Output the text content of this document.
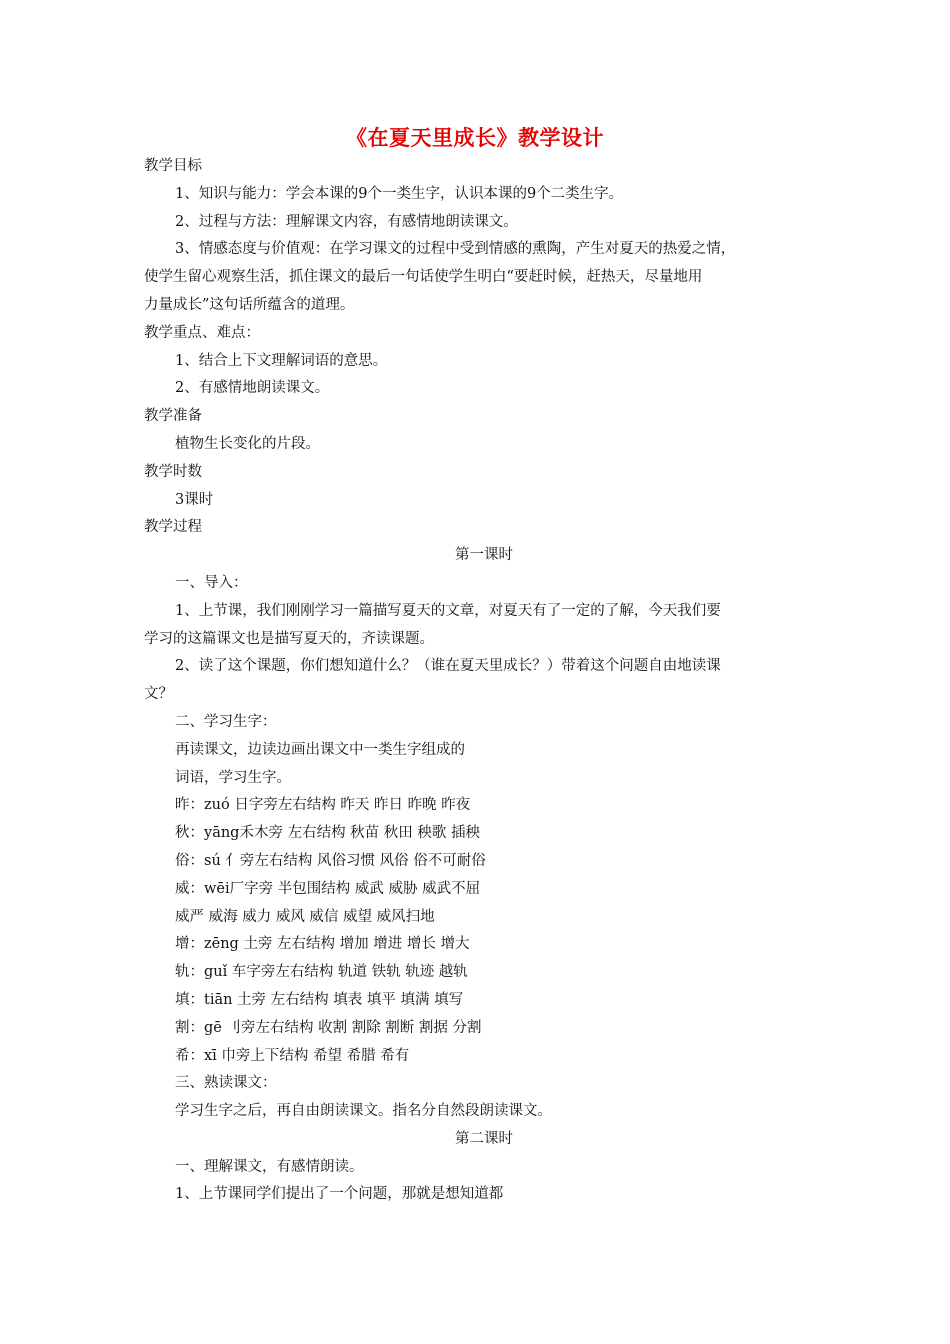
《在夏天里成长》教学设计
教学目标
1、知识与能力：学会本课的9个一类生字，认识本课的9个二类生字。
2、过程与方法：理解课文内容，有感情地朗读课文。
3、情感态度与价值观：在学习课文的过程中受到情感的熏陶，产生对夏天的热爱之情，
使学生留心观察生活，抓住课文的最后一句话使学生明白“要赶时候，赶热天，尽量地用
力量成长”这句话所蕴含的道理。
教学重点、难点：
1、结合上下文理解词语的意思。
2、有感情地朗读课文。
教学准备
植物生长变化的片段。
教学时数
3课时
教学过程
第一课时
一、导入：
1、上节课，我们刚刚学习一篇描写夏天的文章，对夏天有了一定的了解，今天我们要
学习的这篇课文也是描写夏天的，齐读课题。
2、读了这个课题，你们想知道什么？（谁在夏天里成长？）带着这个问题自由地读课
文？
二、学习生字：
再读课文，边读边画出课文中一类生字组成的
词语，学习生字。
昨：zuó 日字旁左右结构 昨天 昨日 昨晚 昨夜
秋：yāng禾木旁 左右结构 秋苗 秋田 秧歌 插秧
俗：sú 亻旁左右结构 风俗习惯 风俗 俗不可耐俗
威：wēi厂字旁 半包围结构 威武 威胁 威武不屈
威严 威海 威力 威风 威信 威望 威风扫地
增：zēng 土旁 左右结构 增加 增进 增长 增大
轨：guǐ 车字旁左右结构 轨道 铁轨 轨迹 越轨
填：tiān 土旁 左右结构 填表 填平 填满 填写
割：gē 刂旁左右结构 收割 割除 割断 割据 分割
希：xī 巾旁上下结构 希望 希腊 希有
三、熟读课文：
学习生字之后，再自由朗读课文。指名分自然段朗读课文。
第二课时
一、理解课文，有感情朗读。
1、上节课同学们提出了一个问题，那就是想知道都
